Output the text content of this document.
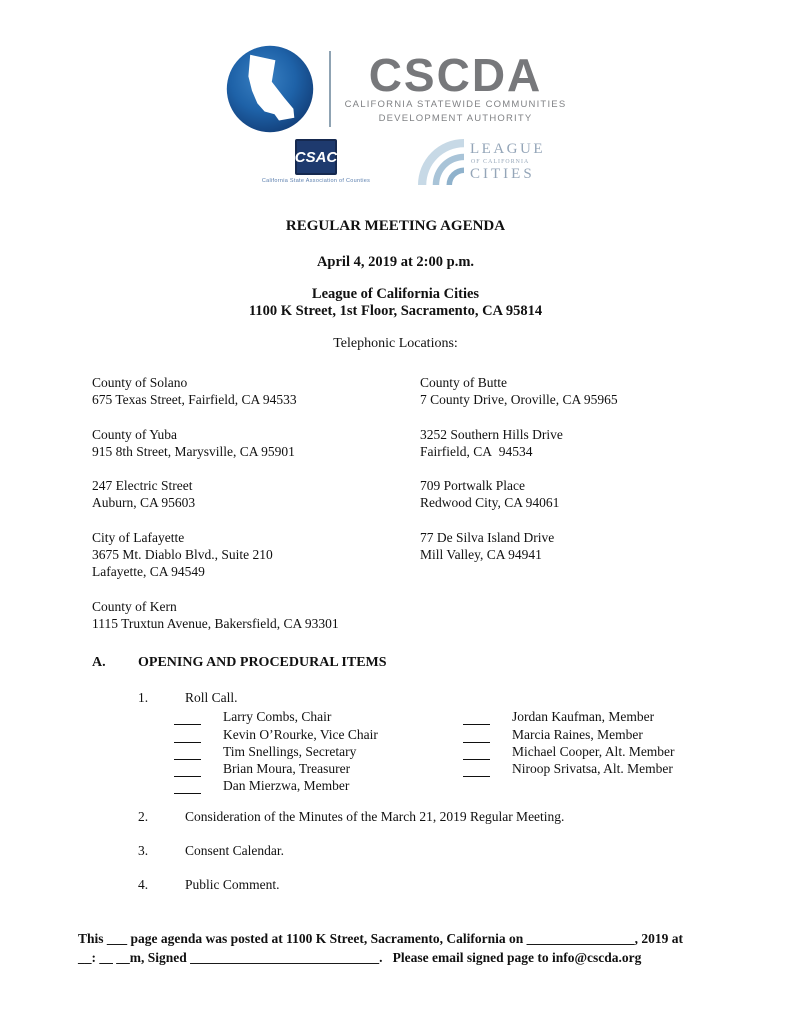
CSCDA
CALIFORNIA STATEWIDE COMMUNITIES
DEVELOPMENT AUTHORITY
CSAC
California State Association of Counties
LEAGUE
OF CALIFORNIA
CITIES
REGULAR MEETING AGENDA
April 4, 2019 at 2:00 p.m.
League of California Cities
1100 K Street, 1st Floor, Sacramento, CA 95814
Telephonic Locations:
County of Solano
675 Texas Street, Fairfield, CA 94533
County of Yuba
915 8th Street, Marysville, CA 95901
247 Electric Street
Auburn, CA 95603
City of Lafayette
3675 Mt. Diablo Blvd., Suite 210
Lafayette, CA 94549
County of Kern
1115 Truxtun Avenue, Bakersfield, CA 93301
County of Butte
7 County Drive, Oroville, CA 95965
3252 Southern Hills Drive
Fairfield, CA  94534
709 Portwalk Place
Redwood City, CA 94061
77 De Silva Island Drive
Mill Valley, CA 94941
A. OPENING AND PROCEDURAL ITEMS
1.	Roll Call.
Larry Combs, Chair
Kevin O’Rourke, Vice Chair
Tim Snellings, Secretary
Brian Moura, Treasurer
Dan Mierzwa, Member
Jordan Kaufman, Member
Marcia Raines, Member
Michael Cooper, Alt. Member
Niroop Srivatsa, Alt. Member
2.	Consideration of the Minutes of the March 21, 2019 Regular Meeting.
3.	Consent Calendar.
4.	Public Comment.
This ___ page agenda was posted at 1100 K Street, Sacramento, California on ________________, 2019 at
__: __ __m, Signed ____________________________.   Please email signed page to info@cscda.org
